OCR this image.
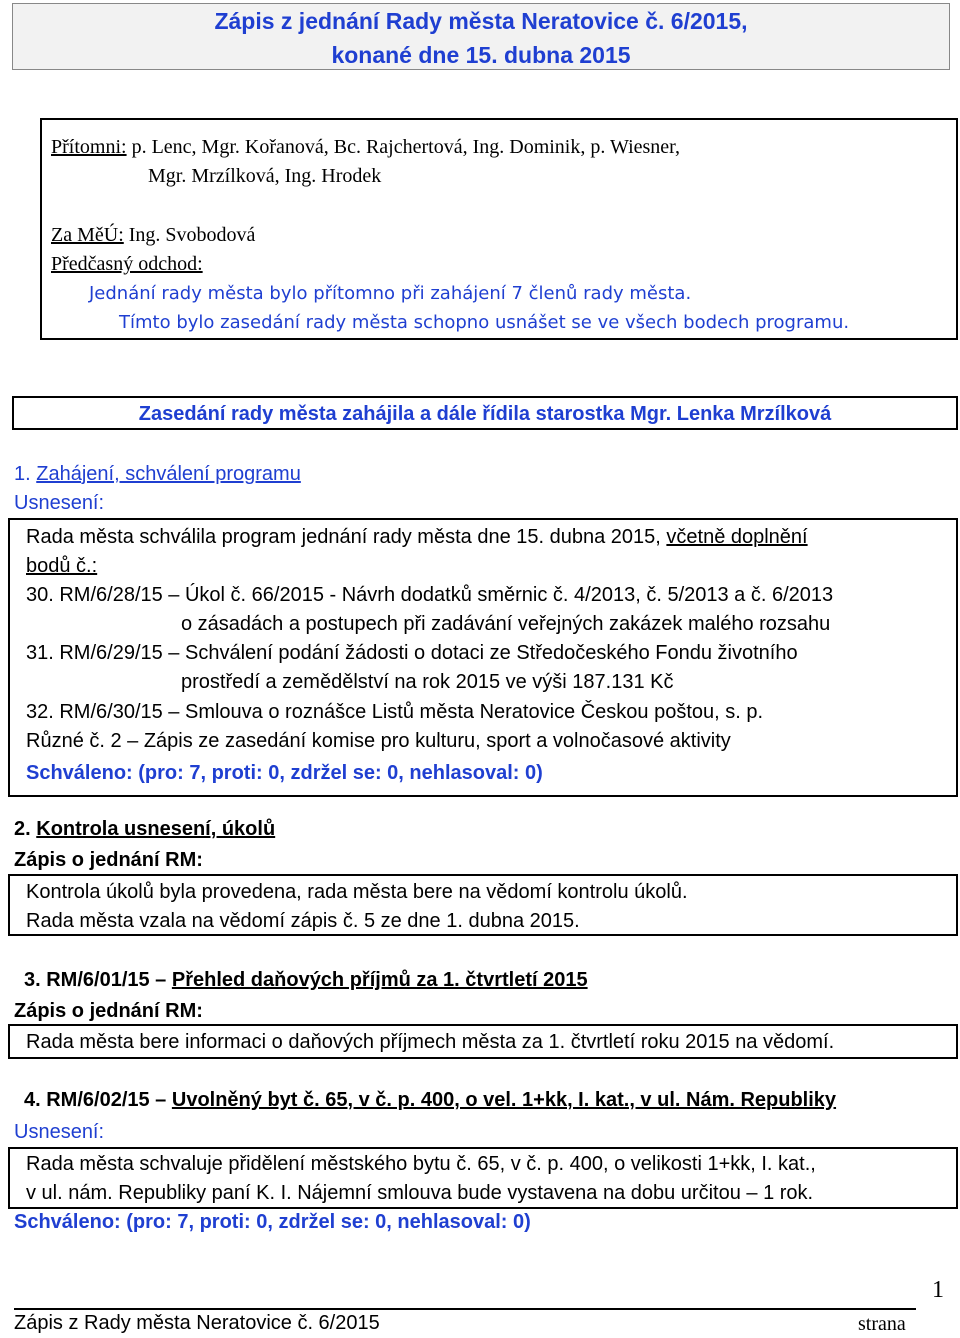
Zápis z jednání Rady města Neratovice č. 6/2015,
konané dne 15. dubna 2015
Přítomni: p. Lenc, Mgr. Kořanová, Bc. Rajchertová, Ing. Dominik, p. Wiesner,
Mgr. Mrzílková, Ing. Hrodek
Za MěÚ: Ing. Svobodová
Předčasný odchod:
Jednání rady města bylo přítomno při zahájení 7 členů rady města.
Tímto bylo zasedání rady města schopno usnášet se ve všech bodech programu.
Zasedání rady města zahájila a dále řídila starostka Mgr. Lenka Mrzílková
1. Zahájení, schválení programu
Usnesení:
Rada města schválila program jednání rady města dne 15. dubna 2015, včetně doplnění
bodů č.:
30. RM/6/28/15 – Úkol č. 66/2015 - Návrh dodatků směrnic č. 4/2013, č. 5/2013 a č. 6/2013
o zásadách a postupech při zadávání veřejných zakázek malého rozsahu
31. RM/6/29/15 – Schválení podání žádosti o dotaci ze Středočeského Fondu životního
prostředí a zemědělství na rok 2015 ve výši 187.131 Kč
32. RM/6/30/15 – Smlouva o roznášce Listů města Neratovice Českou poštou, s. p.
Různé č. 2 – Zápis ze zasedání komise pro kulturu, sport a volnočasové aktivity
Schváleno: (pro: 7, proti: 0, zdržel se: 0, nehlasoval: 0)
2. Kontrola usnesení, úkolů
Zápis o jednání RM:
Kontrola úkolů byla provedena, rada města bere na vědomí kontrolu úkolů.
Rada města vzala na vědomí zápis č. 5 ze dne 1. dubna 2015.
3. RM/6/01/15 – Přehled daňových příjmů za 1. čtvrtletí 2015
Zápis o jednání RM:
Rada města bere informaci o daňových příjmech města za 1. čtvrtletí roku 2015 na vědomí.
4. RM/6/02/15 – Uvolněný byt č. 65, v č. p. 400, o vel. 1+kk, I. kat., v ul. Nám. Republiky
Usnesení:
Rada města schvaluje přidělení městského bytu č. 65, v č. p. 400, o velikosti 1+kk, I. kat.,
v ul. nám. Republiky paní K. I. Nájemní smlouva bude vystavena na dobu určitou – 1 rok.
Schváleno: (pro: 7, proti: 0, zdržel se: 0, nehlasoval: 0)
1
Zápis z Rady města Neratovice č. 6/2015	strana
